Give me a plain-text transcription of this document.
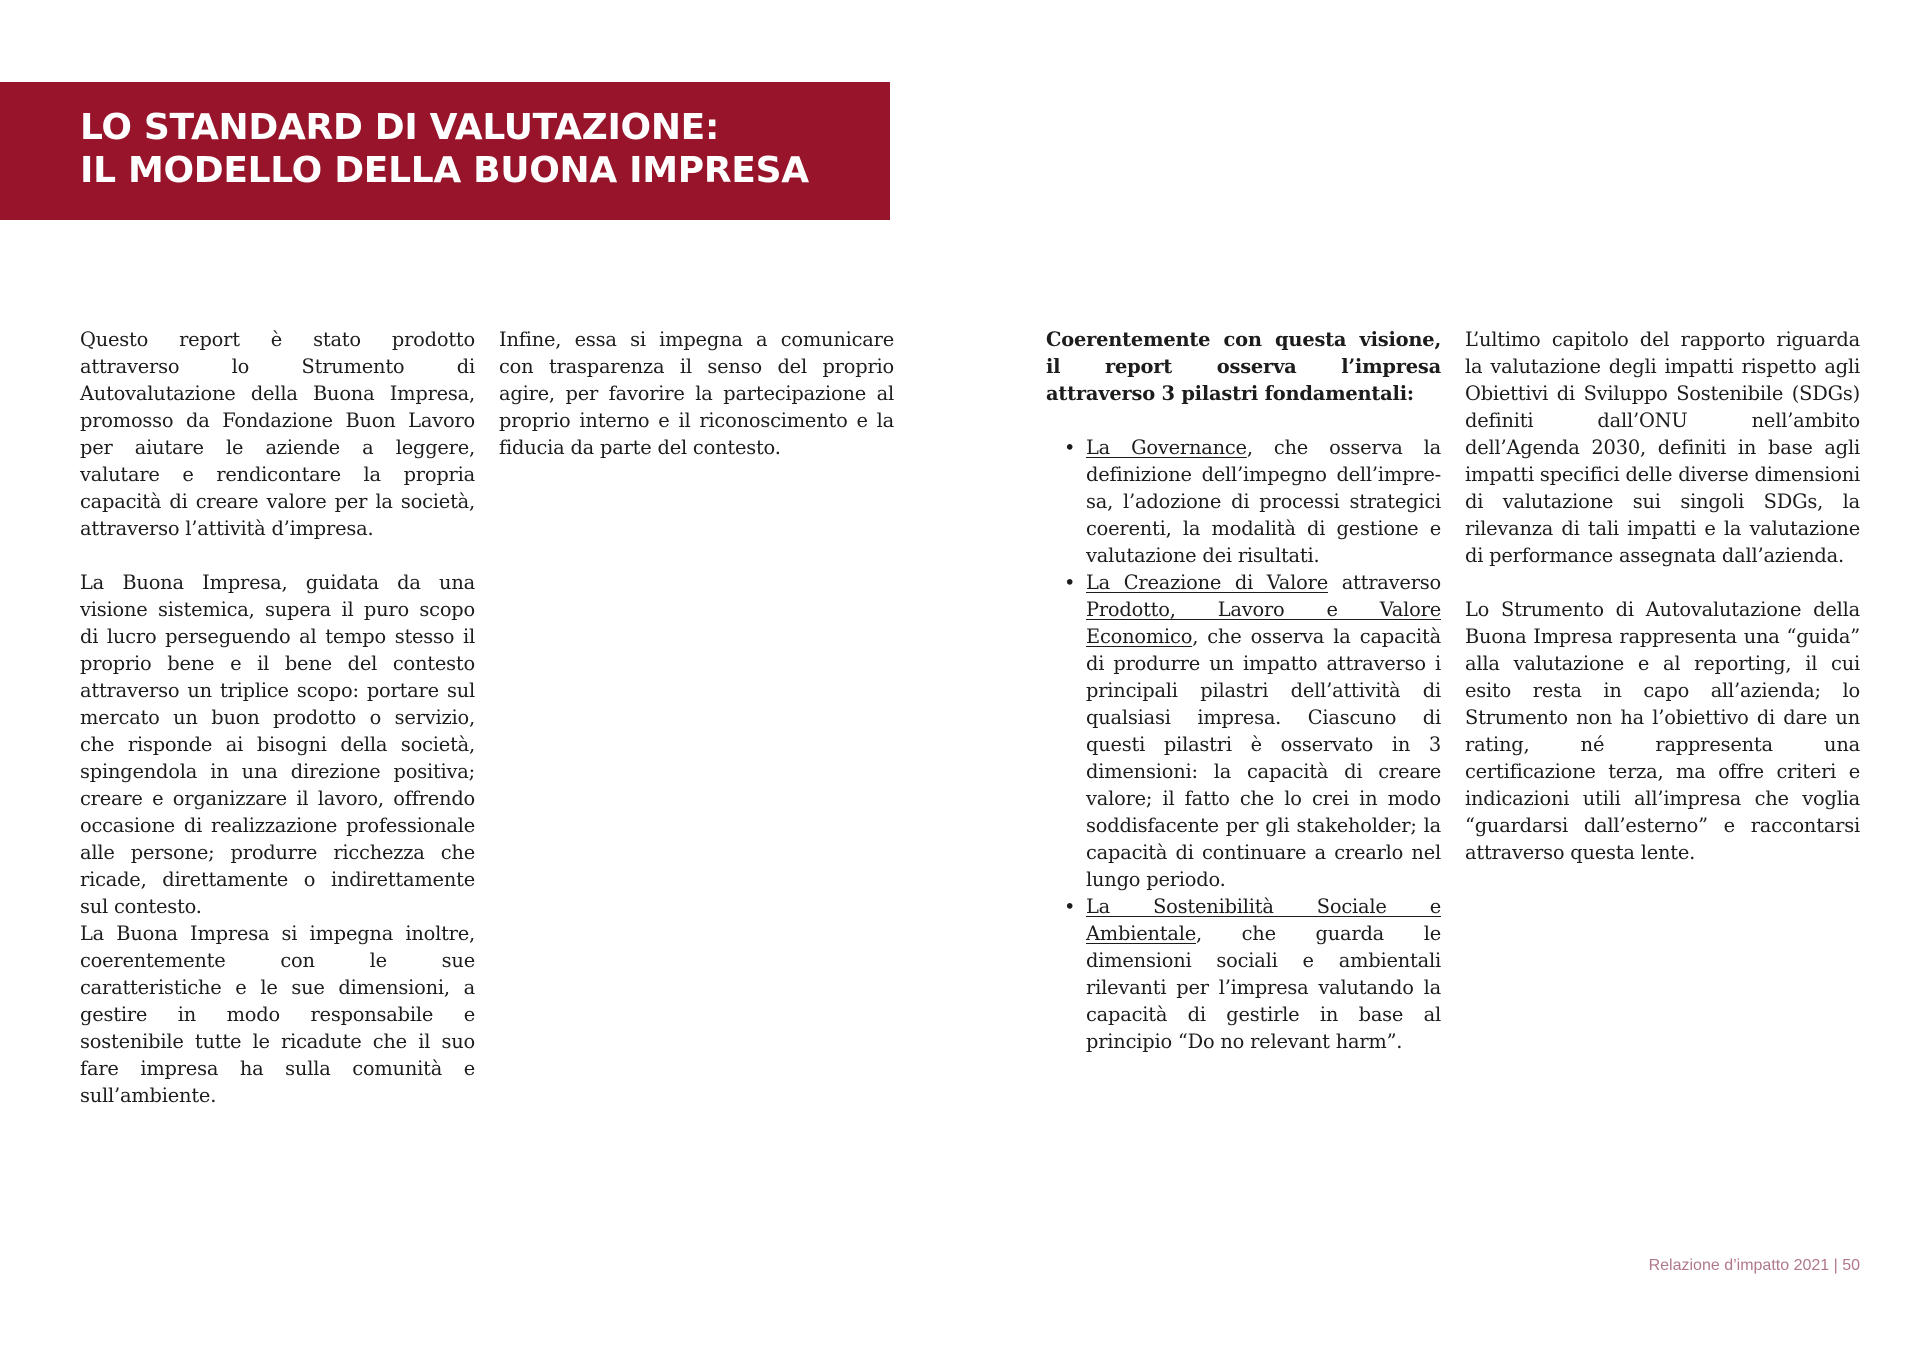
LO STANDARD DI VALUTAZIONE:
IL MODELLO DELLA BUONA IMPRESA

Questo report è stato prodotto attraverso lo Strumento di Autovalutazione della Buona Impresa, promosso da Fondazione Buon Lavoro per aiutare le aziende a leggere, valutare e rendicontare la propria capacità di creare valore per la società, attraverso l’attività d’impresa.

La Buona Impresa, guidata da una visione sistemica, supera il puro scopo di lucro perseguendo al tempo stesso il proprio bene e il bene del contesto attraverso un triplice scopo: portare sul mercato un buon prodotto o servizio, che risponde ai bisogni della società, spingendola in una direzione positiva; creare e organizzare il lavoro, offrendo occasione di realizzazione professionale alle persone; produrre ricchezza che ricade, direttamente o indirettamente sul contesto.

La Buona Impresa si impegna inoltre, coerentemente con le sue caratteristiche e le sue dimensioni, a gestire in modo responsabile e sostenibile tutte le ricadute che il suo fare impresa ha sulla comunità e sull’ambiente.

Infine, essa si impegna a comunicare con trasparenza il senso del proprio agire, per favorire la partecipazione al proprio interno e il riconoscimento e la fiducia da parte del contesto.

Coerentemente con questa visione, il report osserva l’impresa attraverso 3 pilastri fondamentali:

• La Governance, che osserva la definizione dell’impegno dell’impre-sa, l’adozione di processi strategici coerenti, la modalità di gestione e valutazione dei risultati.
• La Creazione di Valore attraverso Prodotto, Lavoro e Valore Economico, che osserva la capacità di produrre un impatto attraverso i principali pilastri dell’attività di qualsiasi impresa. Ciascuno di questi pilastri è osservato in 3 dimensioni: la capacità di creare valore; il fatto che lo crei in modo soddisfacente per gli stakeholder; la capacità di continuare a crearlo nel lungo periodo.
• La Sostenibilità Sociale e Ambientale, che guarda le dimensioni sociali e ambientali rilevanti per l’impresa valutando la capacità di gestirle in base al principio “Do no relevant harm”.

L’ultimo capitolo del rapporto riguarda la valutazione degli impatti rispetto agli Obiettivi di Sviluppo Sostenibile (SDGs) definiti dall’ONU nell’ambito dell’Agenda 2030, definiti in base agli impatti specifici delle diverse dimensioni di valutazione sui singoli SDGs, la rilevanza di tali impatti e la valutazione di performance assegnata dall’azienda.

Lo Strumento di Autovalutazione della Buona Impresa rappresenta una “guida” alla valutazione e al reporting, il cui esito resta in capo all’azienda; lo Strumento non ha l’obiettivo di dare un rating, né rappresenta una certificazione terza, ma offre criteri e indicazioni utili all’impresa che voglia “guardarsi dall’esterno” e raccontarsi attraverso questa lente.

Relazione d’impatto 2021 | 50
